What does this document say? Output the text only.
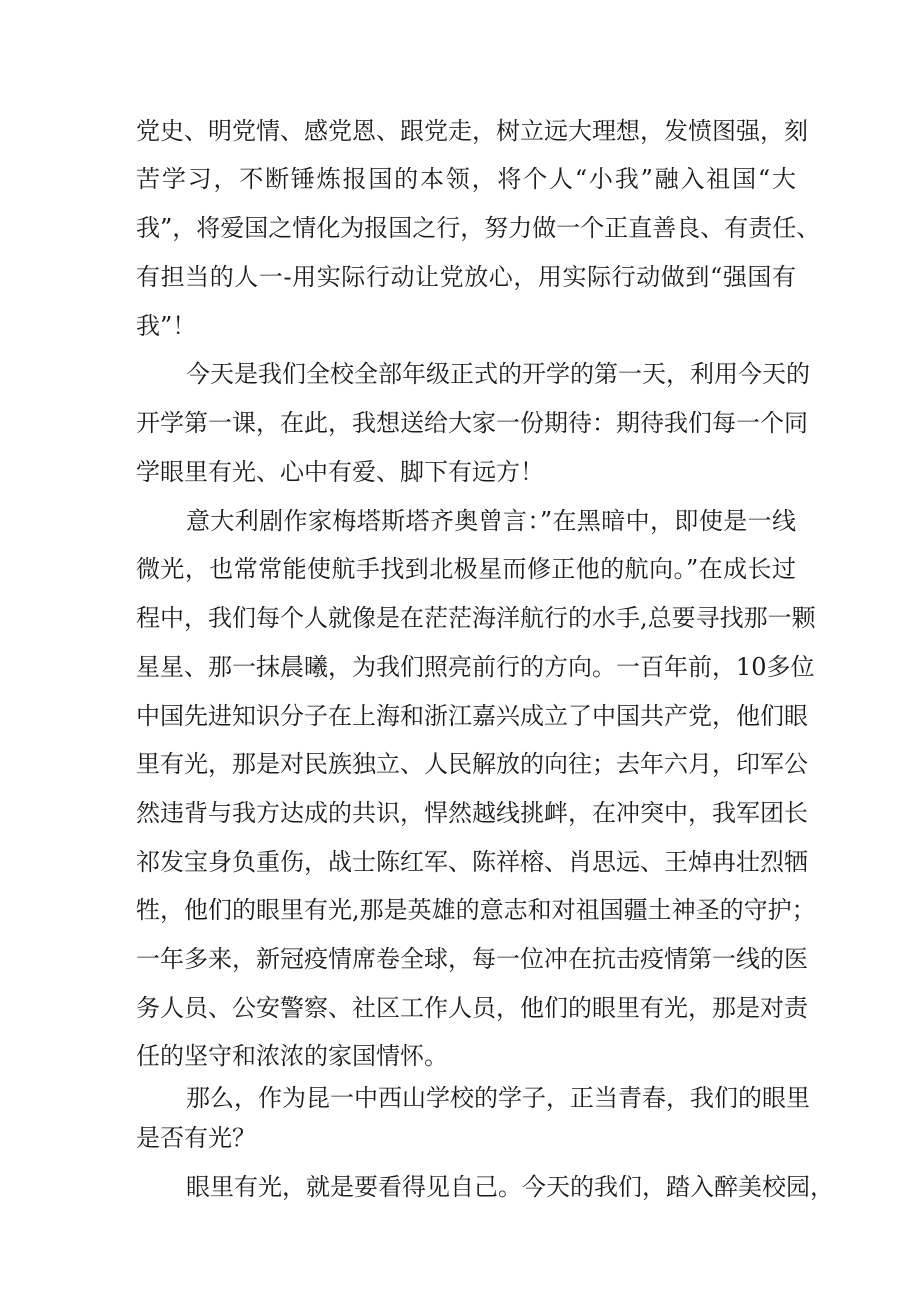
党史、明党情、感党恩、跟党走，树立远大理想，发愤图强，刻
苦学习，不断锤炼报国的本领，将个人“小我”融入祖国“大
我”，将爱国之情化为报国之行，努力做一个正直善良、有责任、
有担当的人一-用实际行动让党放心，用实际行动做到“强国有
我”！
今天是我们全校全部年级正式的开学的第一天，利用今天的
开学第一课，在此，我想送给大家一份期待：期待我们每一个同
学眼里有光、心中有爱、脚下有远方！
意大利剧作家梅塔斯塔齐奥曾言：”在黑暗中，即使是一线
微光，也常常能使航手找到北极星而修正他的航向。”在成长过
程中，我们每个人就像是在茫茫海洋航行的水手,总要寻找那一颗
星星、那一抹晨曦，为我们照亮前行的方向。一百年前，10多位
中国先进知识分子在上海和浙江嘉兴成立了中国共产党，他们眼
里有光，那是对民族独立、人民解放的向往；去年六月，印军公
然违背与我方达成的共识，悍然越线挑衅，在冲突中，我军团长
祁发宝身负重伤，战士陈红军、陈祥榕、肖思远、王焯冉壮烈牺
牲，他们的眼里有光,那是英雄的意志和对祖国疆土神圣的守护；
一年多来，新冠疫情席卷全球，每一位冲在抗击疫情第一线的医
务人员、公安警察、社区工作人员，他们的眼里有光，那是对责
任的坚守和浓浓的家国情怀。
那么，作为昆一中西山学校的学子，正当青春，我们的眼里
是否有光？
眼里有光，就是要看得见自己。今天的我们，踏入醉美校园，
